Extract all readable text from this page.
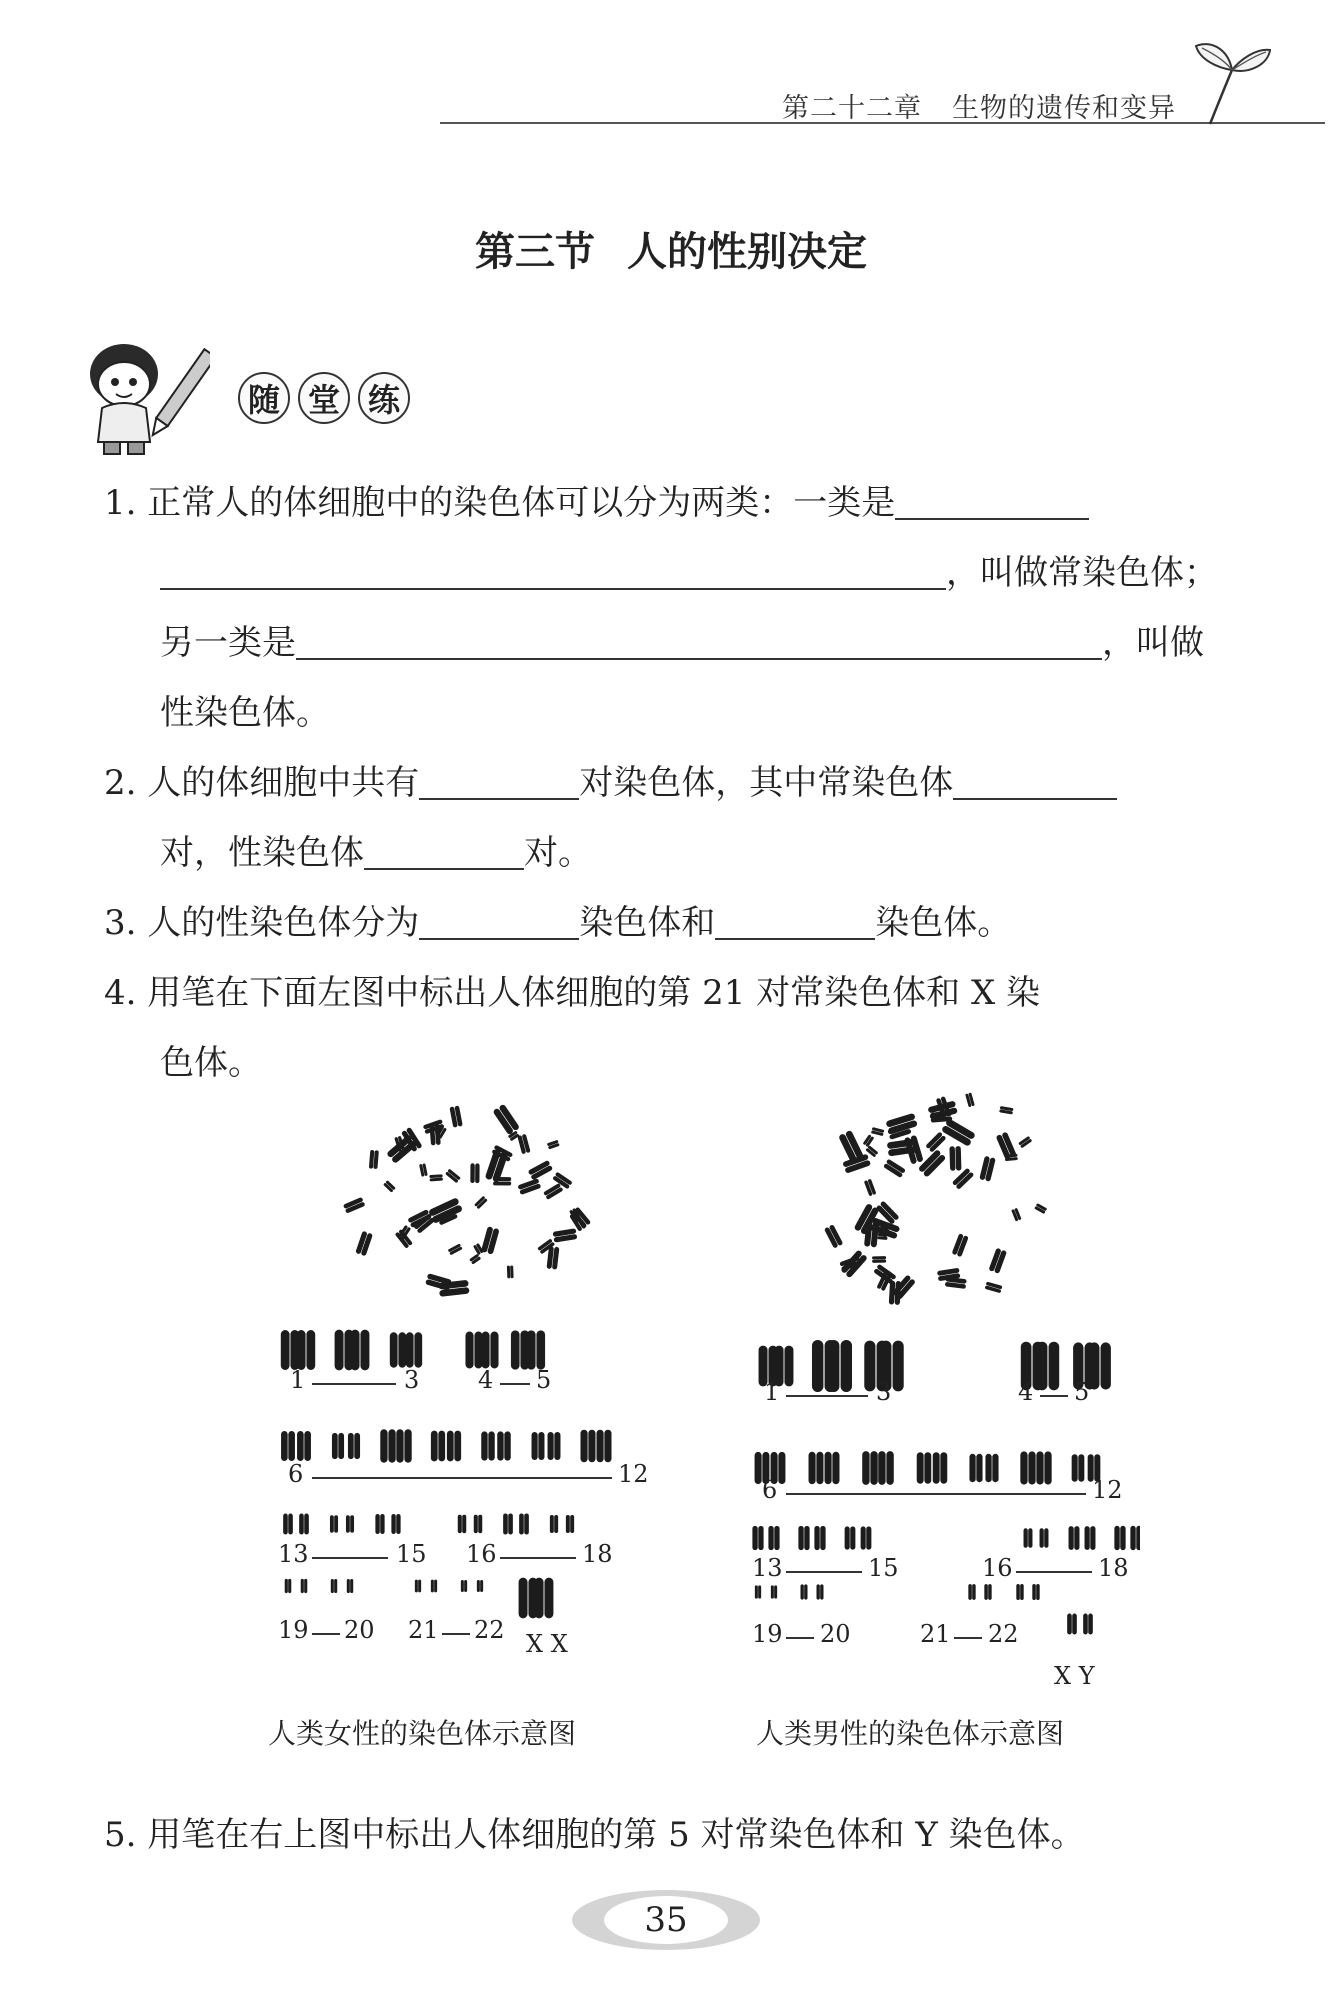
第二十二章 生物的遗传和变异
第三节 人的性别决定
随 堂 练
1. 正常人的体细胞中的染色体可以分为两类：一类是
，叫做常染色体；
另一类是	，叫做
性染色体。
2. 人的体细胞中共有	对染色体，其中常染色体
对，性染色体	对。
3. 人的性染色体分为	染色体和	染色体。
4. 用笔在下面左图中标出人体细胞的第 21 对常染色体和 X 染
色体。
1	3 4 5
6	12
13	15 16	18
19 20 21 22 X X
人类女性的染色体示意图
1	3	4 5
6	12
13	15	16	18
19 20	21 22
X Y
人类男性的染色体示意图
5. 用笔在右上图中标出人体细胞的第 5 对常染色体和 Y 染色体。
35
